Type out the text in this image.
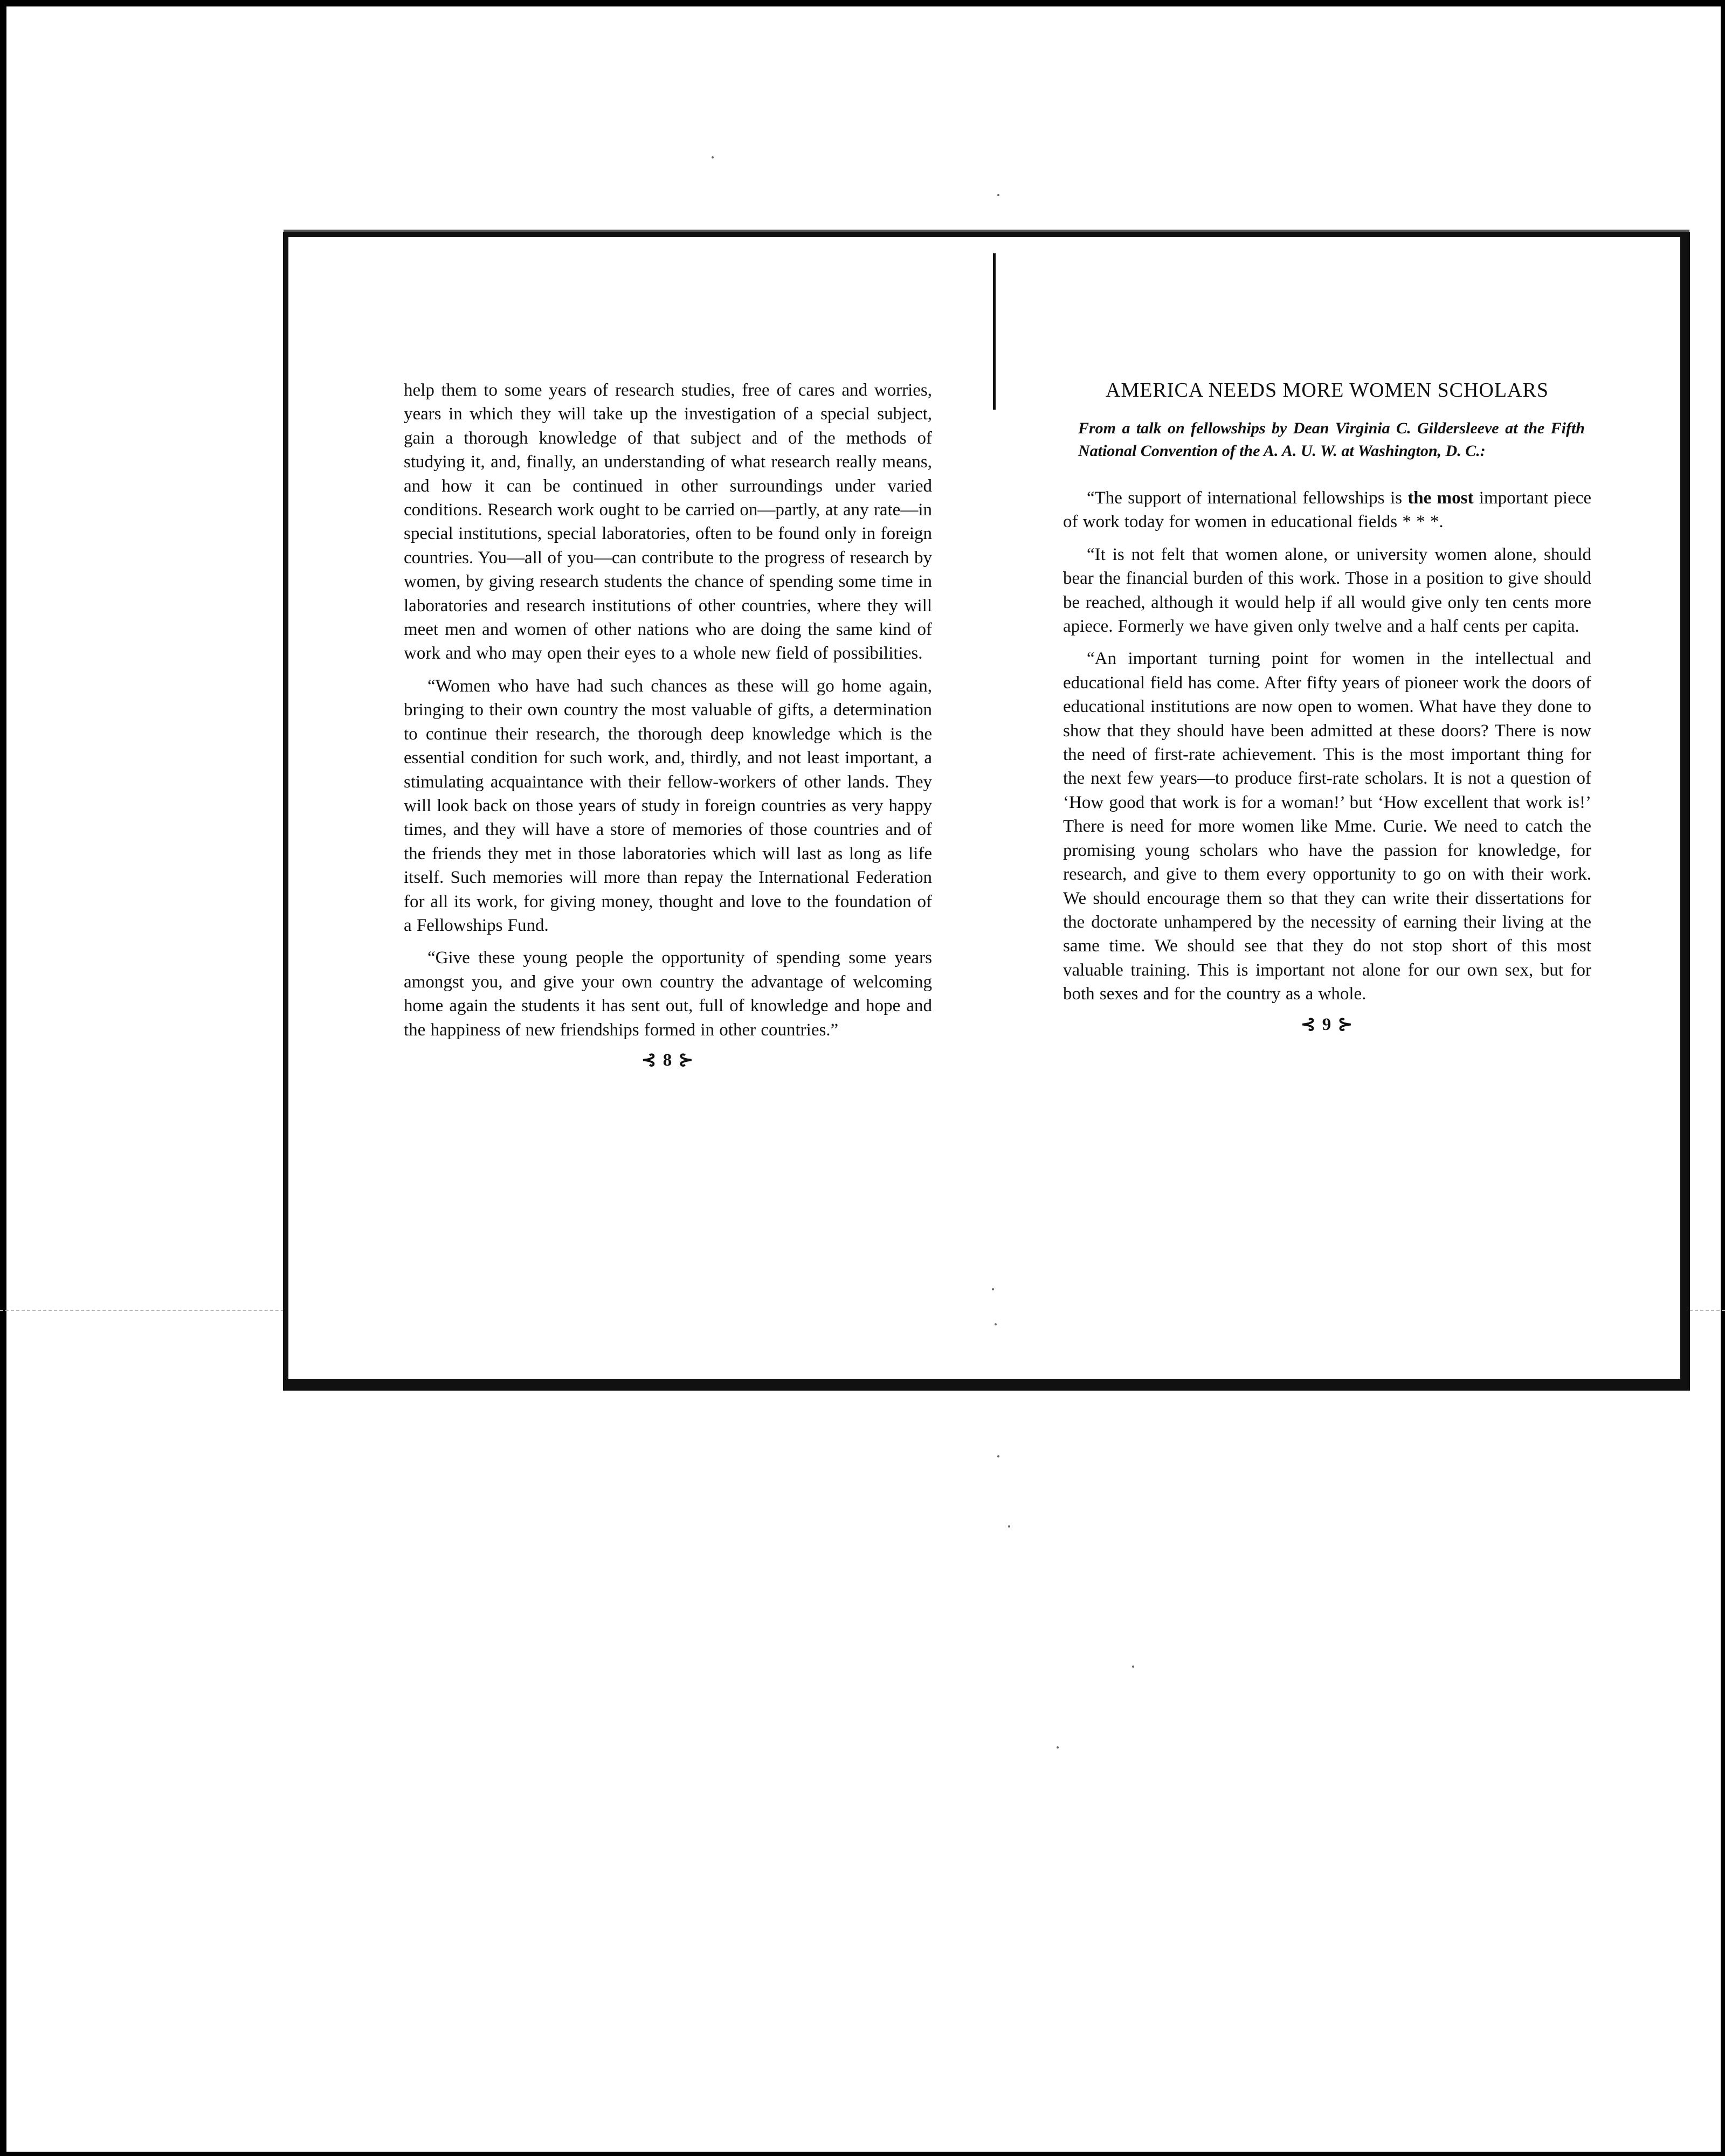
help them to some years of research studies, free of cares and worries, years in which they will take up the investigation of a special subject, gain a thorough knowledge of that subject and of the methods of studying it, and, finally, an understanding of what research really means, and how it can be continued in other surroundings under varied conditions. Research work ought to be carried on—partly, at any rate—in special institutions, special laboratories, often to be found only in foreign countries. You—all of you—can contribute to the progress of research by women, by giving research students the chance of spending some time in laboratories and research institutions of other countries, where they will meet men and women of other nations who are doing the same kind of work and who may open their eyes to a whole new field of possibilities.

“Women who have had such chances as these will go home again, bringing to their own country the most valuable of gifts, a determination to continue their research, the thorough deep knowledge which is the essential condition for such work, and, thirdly, and not least important, a stimulating acquaintance with their fellow-workers of other lands. They will look back on those years of study in foreign countries as very happy times, and they will have a store of memories of those countries and of the friends they met in those laboratories which will last as long as life itself. Such memories will more than repay the International Federation for all its work, for giving money, thought and love to the foundation of a Fellowships Fund.

“Give these young people the opportunity of spending some years amongst you, and give your own country the advantage of welcoming home again the students it has sent out, full of knowledge and hope and the happiness of new friendships formed in other countries.”

⊰ 8 ⊱
AMERICA NEEDS MORE WOMEN SCHOLARS

From a talk on fellowships by Dean Virginia C. Gildersleeve at the Fifth National Convention of the A. A. U. W. at Washington, D. C.:

“The support of international fellowships is the most important piece of work today for women in educational fields * * *.

“It is not felt that women alone, or university women alone, should bear the financial burden of this work. Those in a position to give should be reached, although it would help if all would give only ten cents more apiece. Formerly we have given only twelve and a half cents per capita.

“An important turning point for women in the intellectual and educational field has come. After fifty years of pioneer work the doors of educational institutions are now open to women. What have they done to show that they should have been admitted at these doors? There is now the need of first-rate achievement. This is the most important thing for the next few years—to produce first-rate scholars. It is not a question of ‘How good that work is for a woman!’ but ‘How excellent that work is!’ There is need for more women like Mme. Curie. We need to catch the promising young scholars who have the passion for knowledge, for research, and give to them every opportunity to go on with their work. We should encourage them so that they can write their dissertations for the doctorate unhampered by the necessity of earning their living at the same time. We should see that they do not stop short of this most valuable training. This is important not alone for our own sex, but for both sexes and for the country as a whole.

⊰ 9 ⊱
